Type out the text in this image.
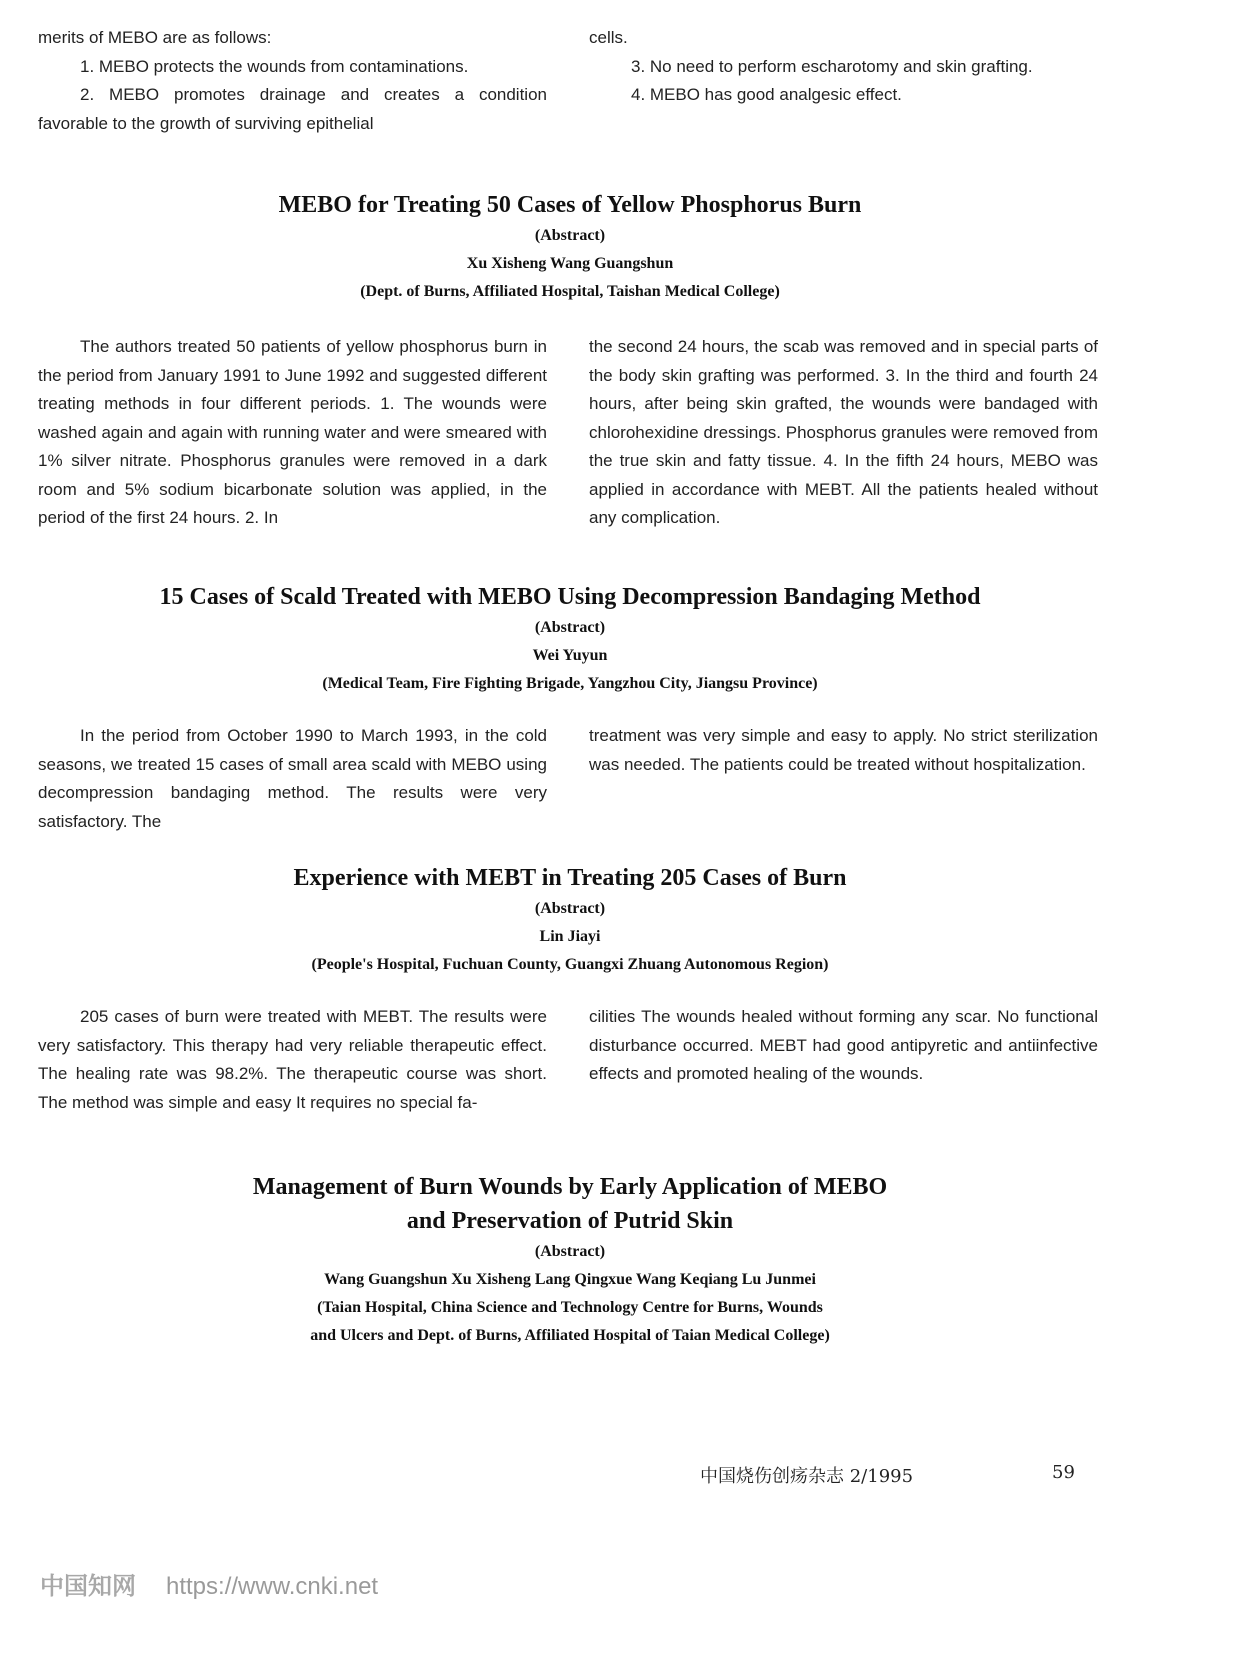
merits of MEBO are as follows:

1. MEBO protects the wounds from contaminations.

2. MEBO promotes drainage and creates a condition favorable to the growth of surviving epithelial

cells.

3. No need to perform escharotomy and skin grafting.

4. MEBO has good analgesic effect.

MEBO for Treating 50 Cases of Yellow Phosphorus Burn
(Abstract)
Xu Xisheng Wang Guangshun
(Dept. of Burns, Affiliated Hospital, Taishan Medical College)

The authors treated 50 patients of yellow phosphorus burn in the period from January 1991 to June 1992 and suggested different treating methods in four different periods. 1. The wounds were washed again and again with running water and were smeared with 1% silver nitrate. Phosphorus granules were removed in a dark room and 5% sodium bicarbonate solution was applied, in the period of the first 24 hours. 2. In

the second 24 hours, the scab was removed and in special parts of the body skin grafting was performed. 3. In the third and fourth 24 hours, after being skin grafted, the wounds were bandaged with chlorohexidine dressings. Phosphorus granules were removed from the true skin and fatty tissue. 4. In the fifth 24 hours, MEBO was applied in accordance with MEBT. All the patients healed without any complication.

15 Cases of Scald Treated with MEBO Using Decompression Bandaging Method
(Abstract)
Wei Yuyun
(Medical Team, Fire Fighting Brigade, Yangzhou City, Jiangsu Province)

In the period from October 1990 to March 1993, in the cold seasons, we treated 15 cases of small area scald with MEBO using decompression bandaging method. The results were very satisfactory. The

treatment was very simple and easy to apply. No strict sterilization was needed. The patients could be treated without hospitalization.

Experience with MEBT in Treating 205 Cases of Burn
(Abstract)
Lin Jiayi
(People's Hospital, Fuchuan County, Guangxi Zhuang Autonomous Region)

205 cases of burn were treated with MEBT. The results were very satisfactory. This therapy had very reliable therapeutic effect. The healing rate was 98.2%. The therapeutic course was short. The method was simple and easy It requires no special fa-

cilities The wounds healed without forming any scar. No functional disturbance occurred. MEBT had good antipyretic and antiinfective effects and promoted healing of the wounds.

Management of Burn Wounds by Early Application of MEBO
and Preservation of Putrid Skin
(Abstract)
Wang Guangshun Xu Xisheng Lang Qingxue Wang Keqiang Lu Junmei
(Taian Hospital, China Science and Technology Centre for Burns, Wounds
and Ulcers and Dept. of Burns, Affiliated Hospital of Taian Medical College)
中国烧伤创疡杂志 2/1995	59
中国知网 https://www.cnki.net
